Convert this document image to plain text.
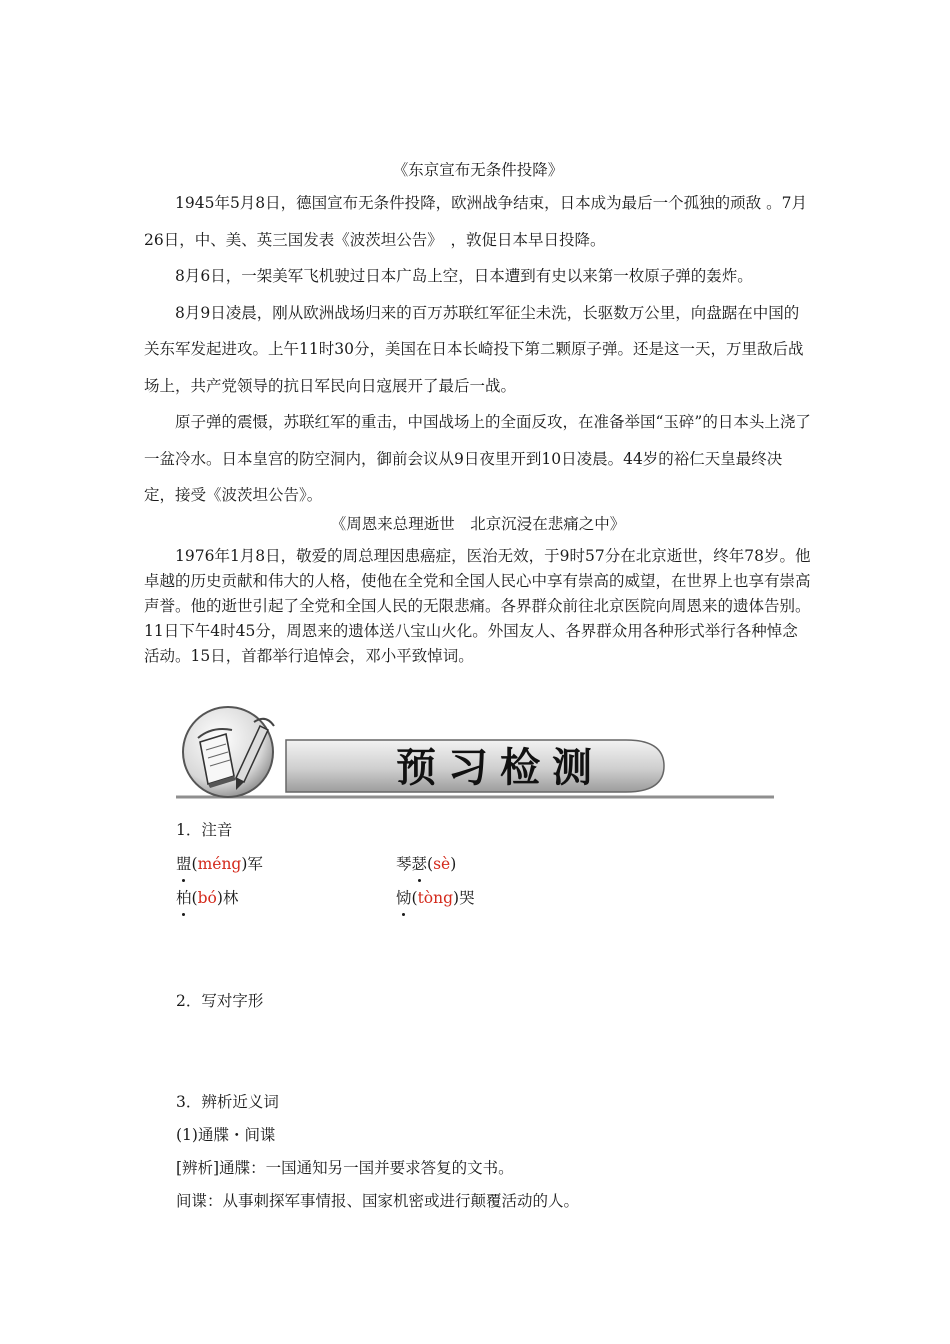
《东京宣布无条件投降》

1945年5月8日，德国宣布无条件投降，欧洲战争结束，日本成为最后一个孤独的顽敌 。7月26日，中、美、英三国发表《波茨坦公告》　，敦促日本早日投降。

8月6日，一架美军飞机驶过日本广岛上空，日本遭到有史以来第一枚原子弹的轰炸。

8月9日凌晨，刚从欧洲战场归来的百万苏联红军征尘未洗，长驱数万公里，向盘踞在中国的关东军发起进攻。上午11时30分，美国在日本长崎投下第二颗原子弹。还是这一天，万里敌后战场上，共产党领导的抗日军民向日寇展开了最后一战。

原子弹的震慑，苏联红军的重击，中国战场上的全面反攻，在准备举国“玉碎”的日本头上浇了一盆冷水。日本皇宫的防空洞内，御前会议从9日夜里开到10日凌晨。44岁的裕仁天皇最终决定，接受《波茨坦公告》。

《周恩来总理逝世　北京沉浸在悲痛之中》

1976年1月8日，敬爱的周总理因患癌症，医治无效，于9时57分在北京逝世，终年78岁。他卓越的历史贡献和伟大的人格，使他在全党和全国人民心中享有崇高的威望，在世界上也享有崇高声誉。他的逝世引起了全党和全国人民的无限悲痛。各界群众前往北京医院向周恩来的遗体告别。11日下午4时45分，周恩来的遗体送八宝山火化。外国友人、各界群众用各种形式举行各种悼念活动。15日，首都举行追悼会，邓小平致悼词。

预习检测
1．注音
盟(méng)军	琴瑟(sè)
柏(bó)林	恸(tòng)哭
2．写对字形
3．辨析近义词
(1)通牒・间谍
[辨析]通牒：一国通知另一国并要求答复的文书。
间谍：从事刺探军事情报、国家机密或进行颠覆活动的人。
